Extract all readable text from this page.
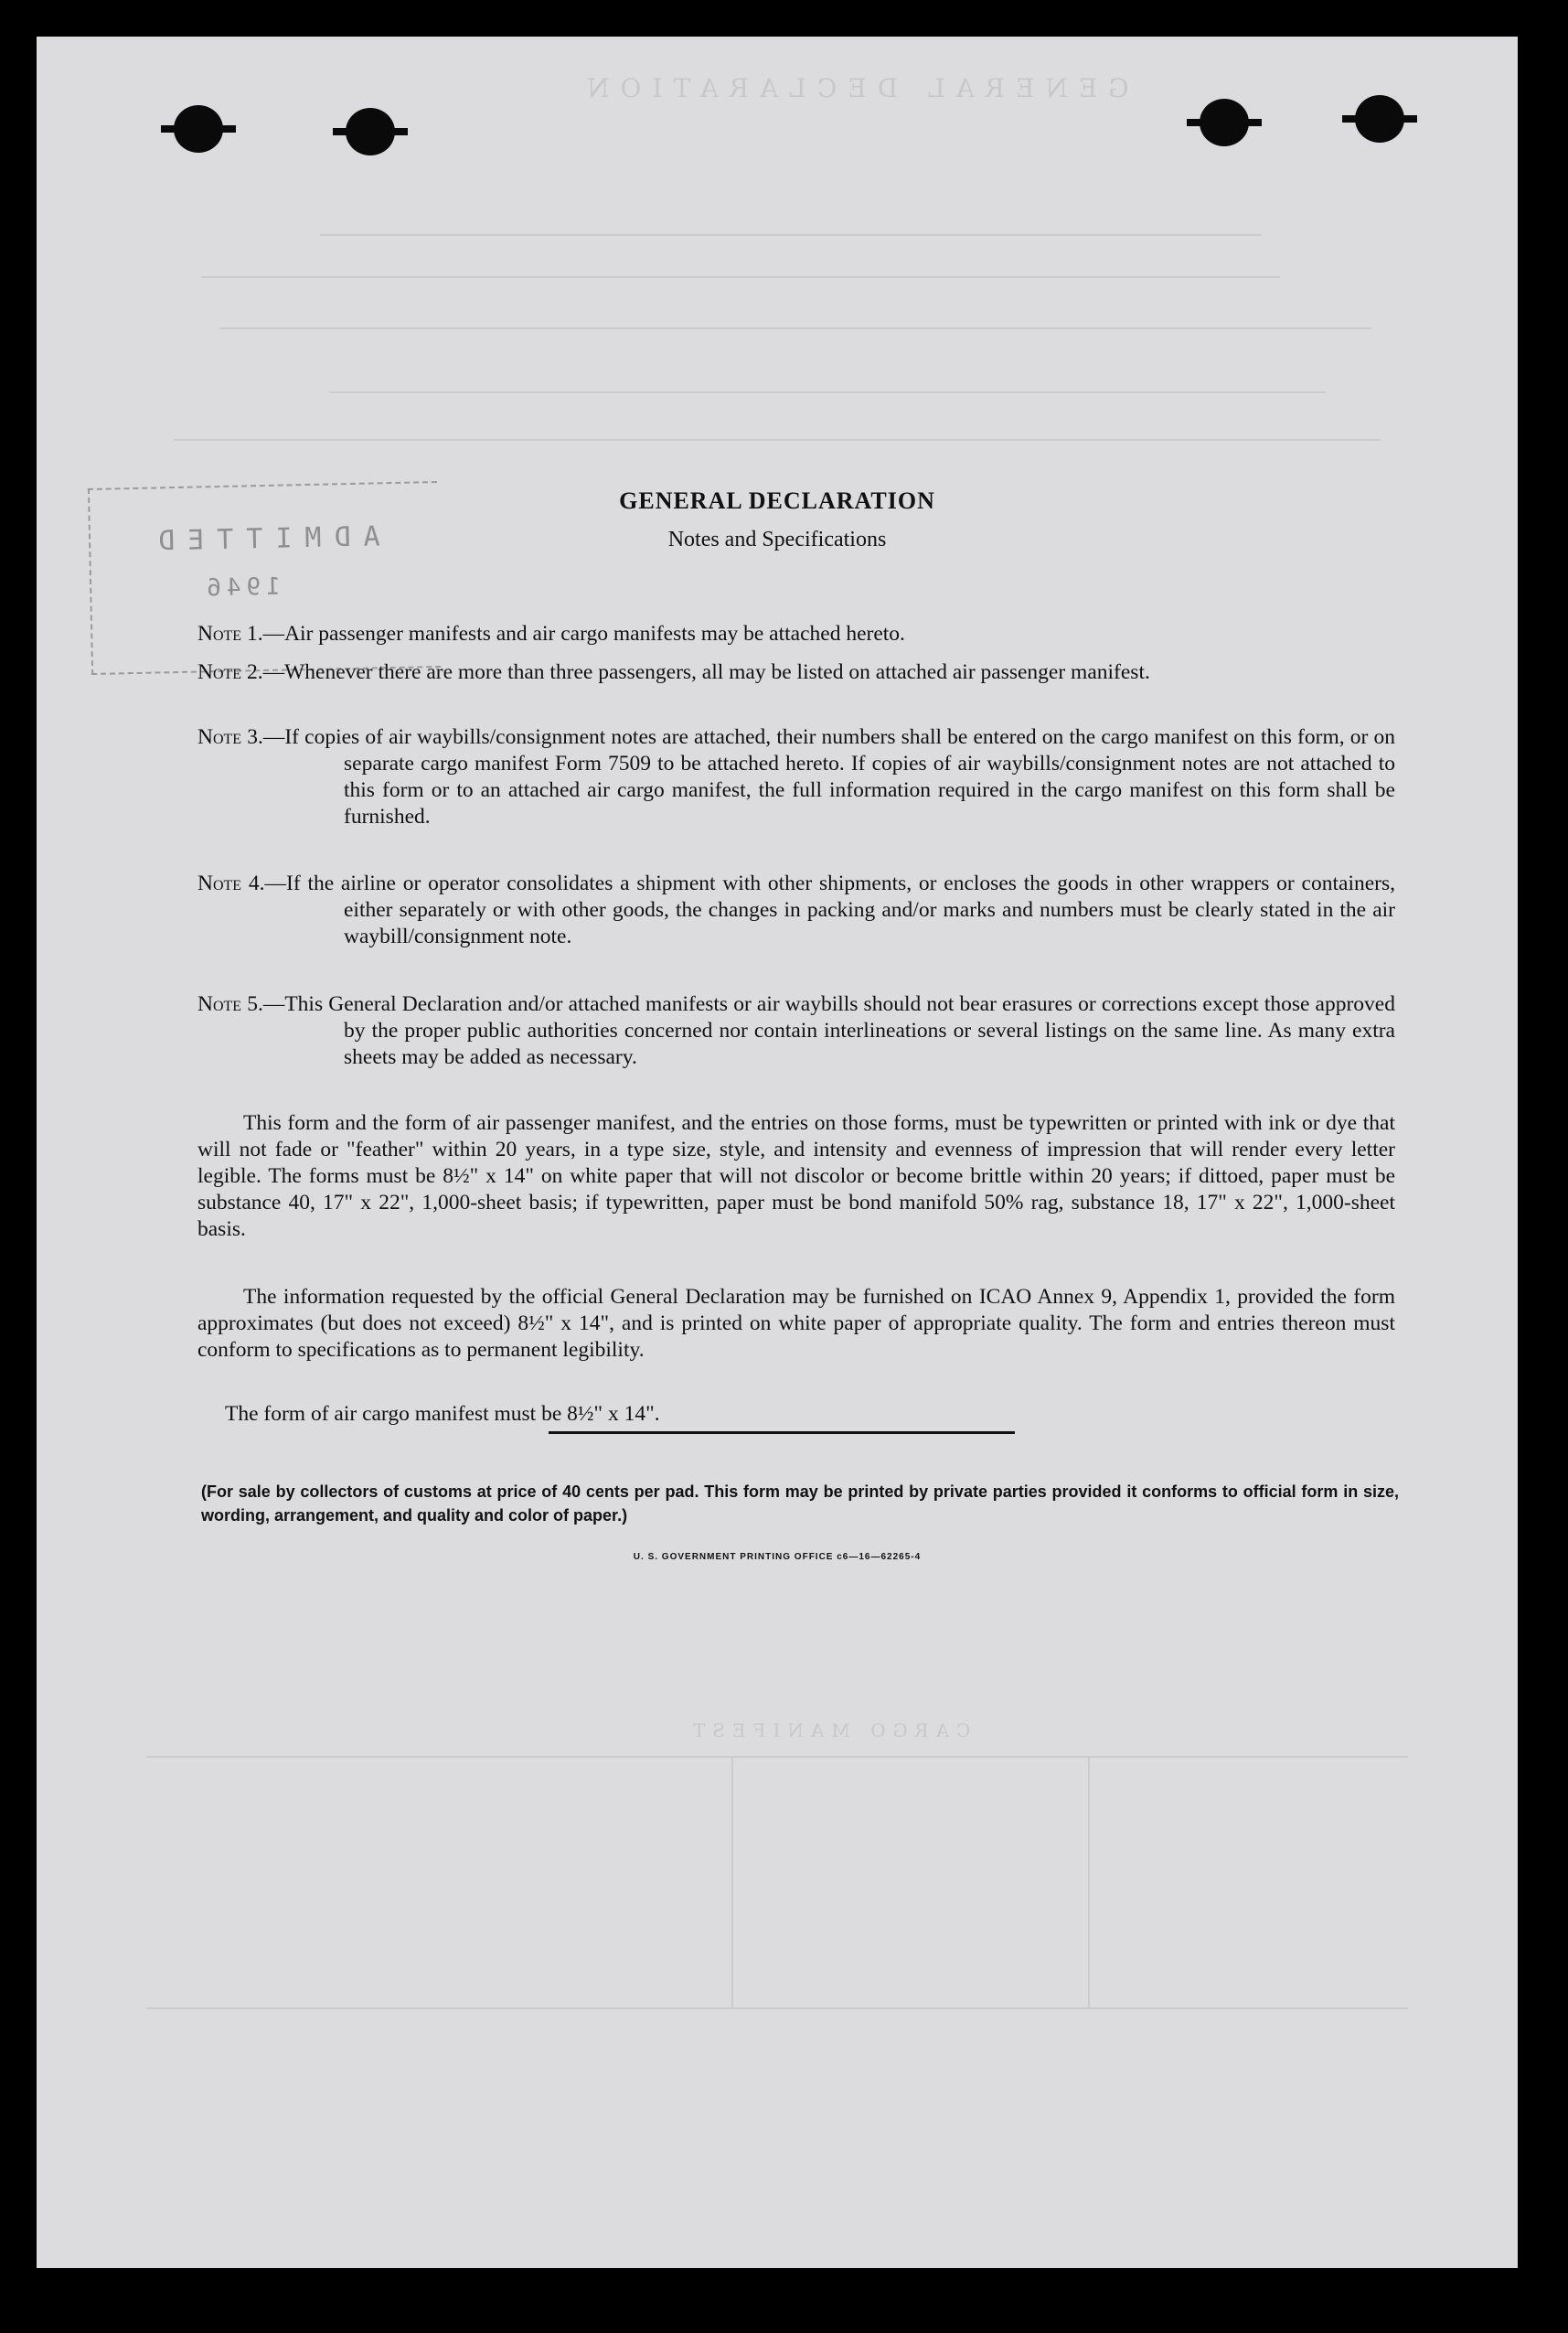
GENERAL DECLARATION
CARGO MANIFEST
ADMITTED
1946
GENERAL DECLARATION
Notes and Specifications
Note 1.—Air passenger manifests and air cargo manifests may be attached hereto.
Note 2.—Whenever there are more than three passengers, all may be listed on attached air passenger manifest.
Note 3.—If copies of air waybills/consignment notes are attached, their numbers shall be entered on the cargo manifest on this form, or on separate cargo manifest Form 7509 to be attached hereto. If copies of air waybills/consignment notes are not attached to this form or to an attached air cargo manifest, the full information required in the cargo manifest on this form shall be furnished.
Note 4.—If the airline or operator consolidates a shipment with other shipments, or encloses the goods in other wrappers or containers, either separately or with other goods, the changes in packing and/or marks and numbers must be clearly stated in the air waybill/consignment note.
Note 5.—This General Declaration and/or attached manifests or air waybills should not bear erasures or corrections except those approved by the proper public authorities concerned nor contain interlineations or several listings on the same line. As many extra sheets may be added as necessary.
This form and the form of air passenger manifest, and the entries on those forms, must be typewritten or printed with ink or dye that will not fade or "feather" within 20 years, in a type size, style, and intensity and evenness of impression that will render every letter legible. The forms must be 8½" x 14" on white paper that will not discolor or become brittle within 20 years; if dittoed, paper must be substance 40, 17" x 22", 1,000-sheet basis; if typewritten, paper must be bond manifold 50% rag, substance 18, 17" x 22", 1,000-sheet basis.
The information requested by the official General Declaration may be furnished on ICAO Annex 9, Appendix 1, provided the form approximates (but does not exceed) 8½" x 14", and is printed on white paper of appropriate quality. The form and entries thereon must conform to specifications as to permanent legibility.
The form of air cargo manifest must be 8½" x 14".
(For sale by collectors of customs at price of 40 cents per pad. This form may be printed by private parties provided it conforms to official form in size, wording, arrangement, and quality and color of paper.)
U. S. GOVERNMENT PRINTING OFFICE c6—16—62265-4
